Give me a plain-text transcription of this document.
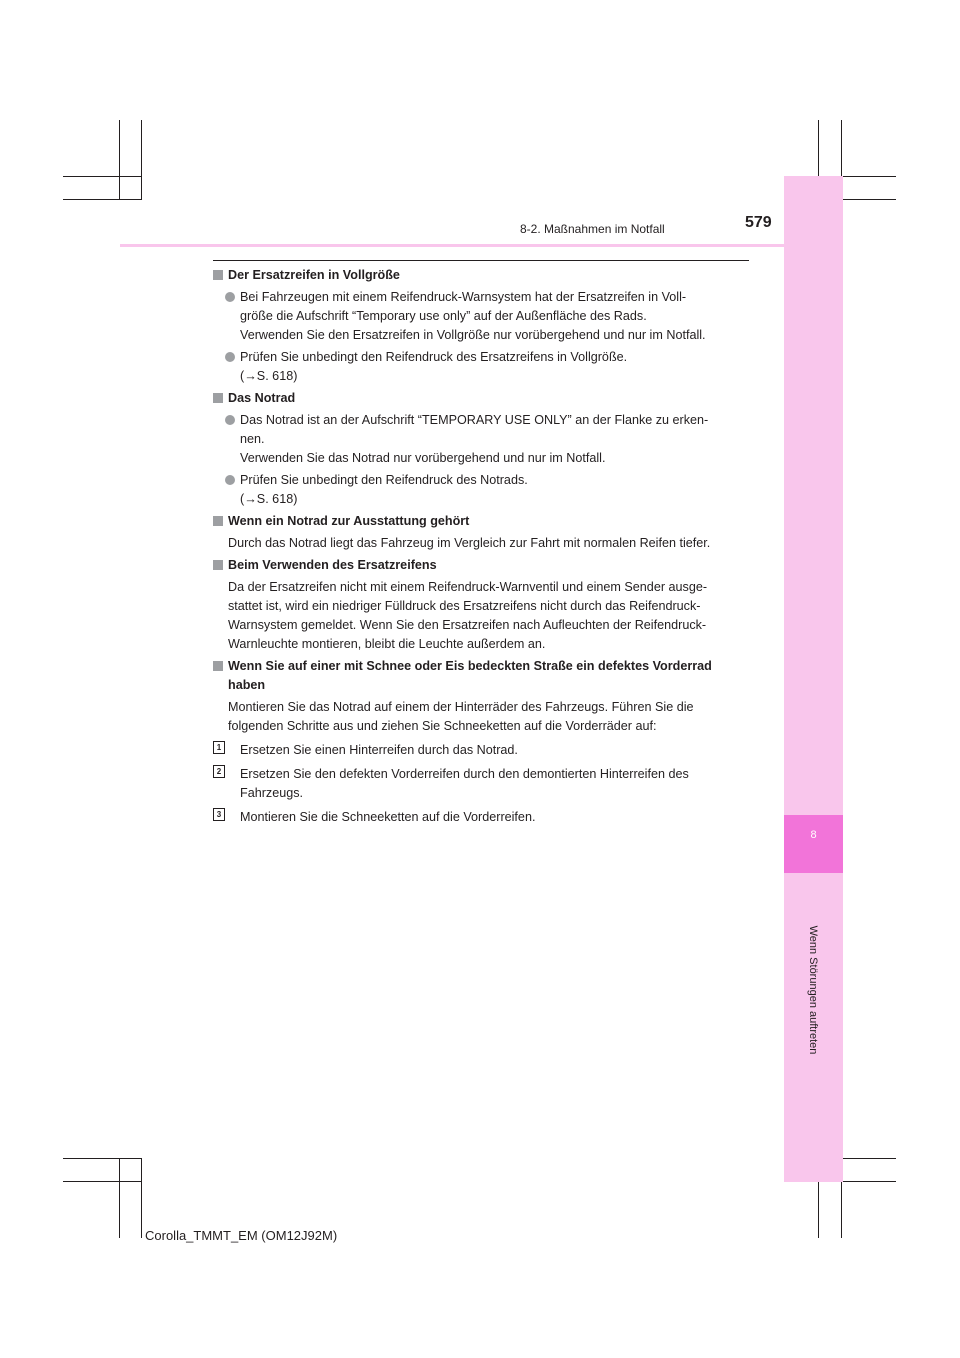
8
Wenn Störungen auftreten
8-2. Maßnahmen im Notfall	579
Der Ersatzreifen in Vollgröße
Bei Fahrzeugen mit einem Reifendruck-Warnsystem hat der Ersatzreifen in Voll-
größe die Aufschrift “Temporary use only” auf der Außenfläche des Rads.
Verwenden Sie den Ersatzreifen in Vollgröße nur vorübergehend und nur im Notfall.
Prüfen Sie unbedingt den Reifendruck des Ersatzreifens in Vollgröße.
(→S. 618)
Das Notrad
Das Notrad ist an der Aufschrift “TEMPORARY USE ONLY” an der Flanke zu erken-
nen.
Verwenden Sie das Notrad nur vorübergehend und nur im Notfall.
Prüfen Sie unbedingt den Reifendruck des Notrads.
(→S. 618)
Wenn ein Notrad zur Ausstattung gehört
Durch das Notrad liegt das Fahrzeug im Vergleich zur Fahrt mit normalen Reifen tiefer.
Beim Verwenden des Ersatzreifens
Da der Ersatzreifen nicht mit einem Reifendruck-Warnventil und einem Sender ausge-
stattet ist, wird ein niedriger Fülldruck des Ersatzreifens nicht durch das Reifendruck-
Warnsystem gemeldet. Wenn Sie den Ersatzreifen nach Aufleuchten der Reifendruck-
Warnleuchte montieren, bleibt die Leuchte außerdem an.
Wenn Sie auf einer mit Schnee oder Eis bedeckten Straße ein defektes Vorderrad
haben
Montieren Sie das Notrad auf einem der Hinterräder des Fahrzeugs. Führen Sie die
folgenden Schritte aus und ziehen Sie Schneeketten auf die Vorderräder auf:
1	Ersetzen Sie einen Hinterreifen durch das Notrad.
2	Ersetzen Sie den defekten Vorderreifen durch den demontierten Hinterreifen des
Fahrzeugs.
3	Montieren Sie die Schneeketten auf die Vorderreifen.
Corolla_TMMT_EM (OM12J92M)
